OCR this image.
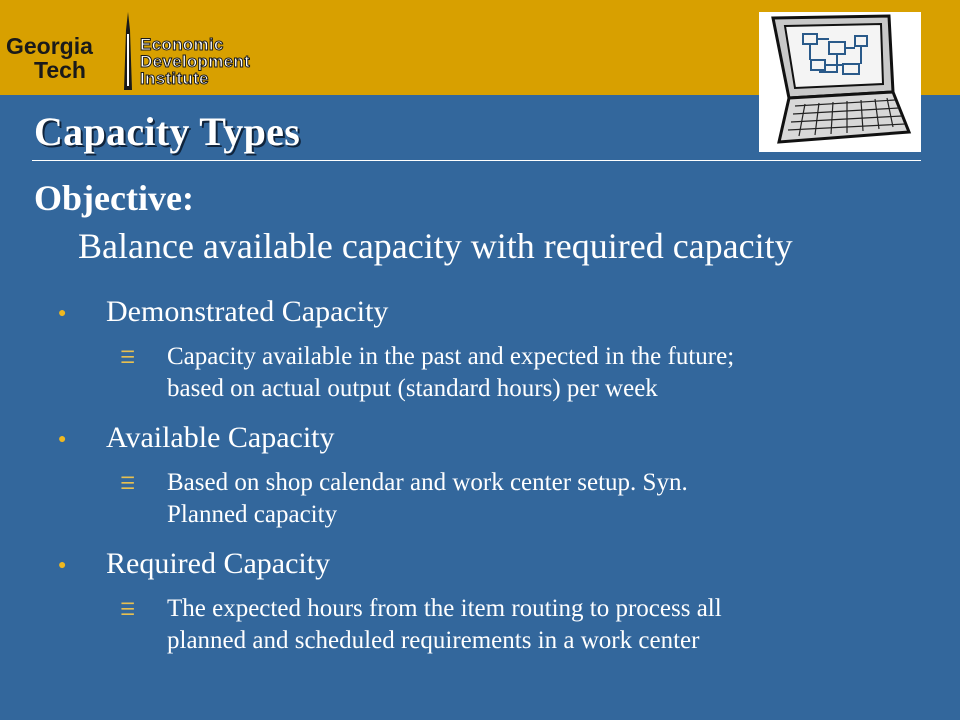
Georgia
Tech
Economic
Development
Institute
Capacity Types
Objective:
Balance available capacity with required capacity
● Demonstrated Capacity
☰ Capacity available in the past and expected in the future;
based on actual output (standard hours) per week
● Available Capacity
☰ Based on shop calendar and work center setup. Syn.
Planned capacity
● Required Capacity
☰ The expected hours from the item routing to process all
planned and scheduled requirements in a work center
